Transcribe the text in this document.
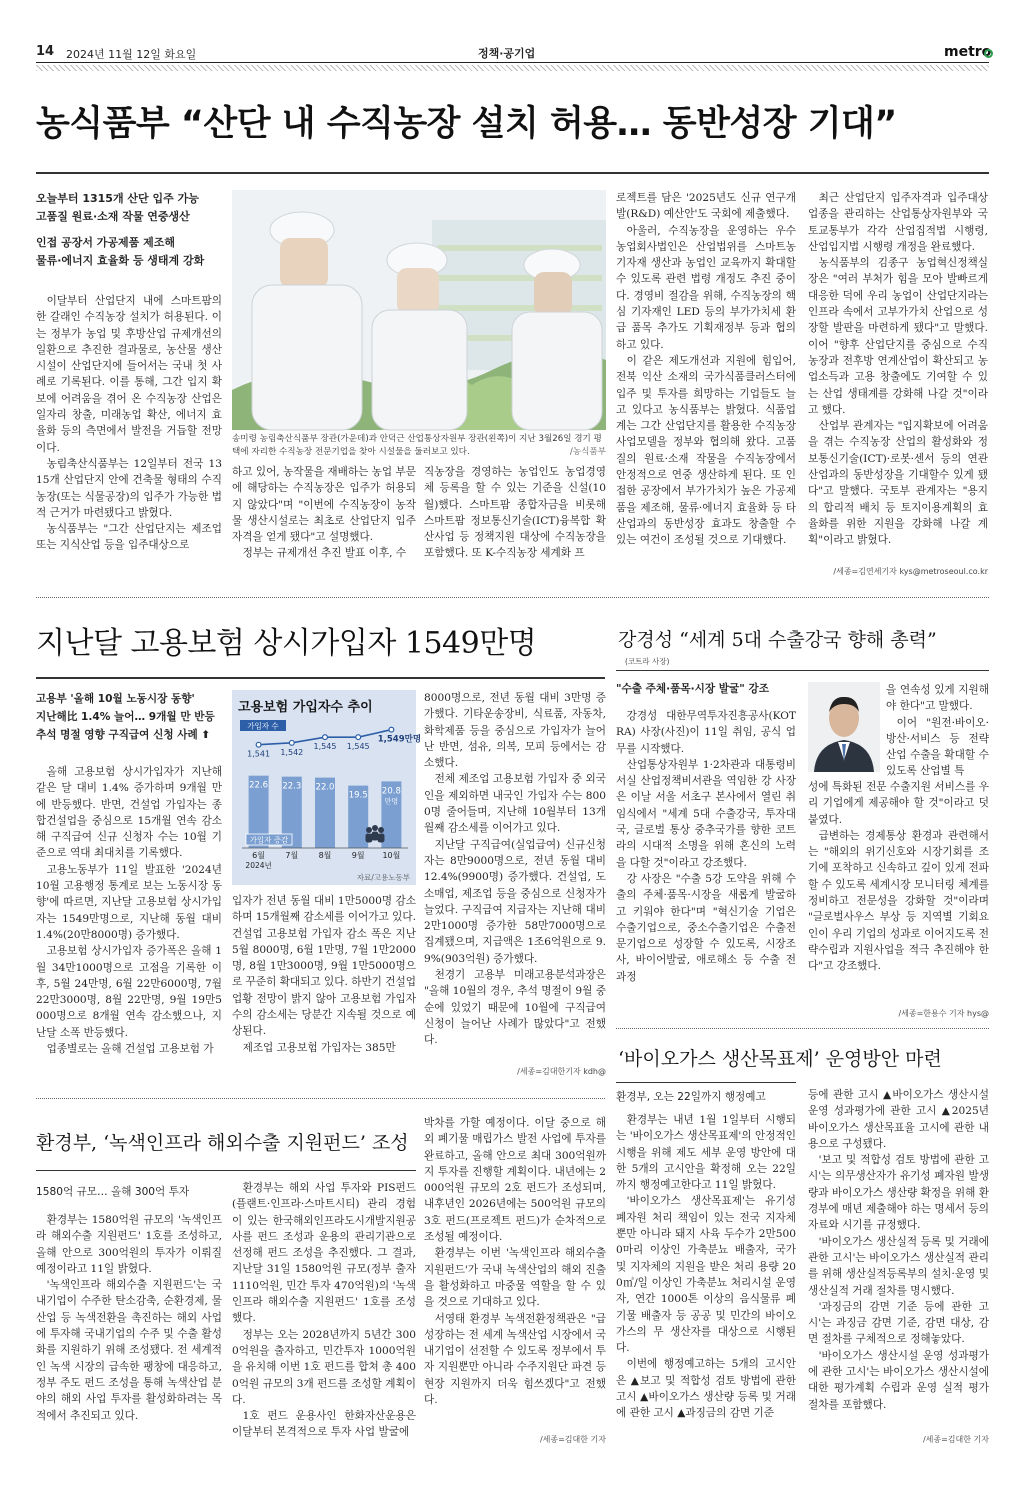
14 2024년 11월 12일 화요일	정책·공기업	metro
농식품부 “산단 내 수직농장 설치 허용… 동반성장 기대”
오늘부터 1315개 산단 입주 가능
고품질 원료·소재 작물 연중생산
인접 공장서 가공제품 제조해
물류·에너지 효율화 등 생태계 강화

이달부터 산업단지 내에 스마트팜의 한 갈래인 수직농장 설치가 허용된다. 이는 정부가 농업 및 후방산업 규제개선의 일환으로 추진한 결과물로, 농산물 생산시설이 산업단지에 들어서는 국내 첫 사례로 기록된다. 이를 통해, 그간 입지 확보에 어려움을 겪어 온 수직농장 산업은 일자리 창출, 미래농업 확산, 에너지 효율화 등의 측면에서 발전을 거듭할 전망이다.

농림축산식품부는 12일부터 전국 1315개 산업단지 안에 건축물 형태의 수직농장(또는 식물공장)의 입주가 가능한 법적 근거가 마련됐다고 밝혔다.

농식품부는 "그간 산업단지는 제조업 또는 지식산업 등을 입주대상으로

송미령 농림축산식품부 장관(가운데)과 안덕근 산업통상자원부 장관(왼쪽)이 지난 3월26일 경기 평택에 자리한 수직농장 전문기업을 찾아 시설물을 둘러보고 있다.	/농식품부

하고 있어, 농작물을 재배하는 농업 부문에 해당하는 수직농장은 입주가 허용되지 않았다"며 "이번에 수직농장이 농작물 생산시설로는 최초로 산업단지 입주자격을 얻게 됐다"고 설명했다.

정부는 규제개선 추진 발표 이후, 수

직농장을 경영하는 농업인도 농업경영체 등록을 할 수 있는 기준을 신설(10월)했다. 스마트팜 종합자금을 비롯해 스마트팜 정보통신기술(ICT)융복합 확산사업 등 정책지원 대상에 수직농장을 포함했다. 또 K-수직농장 세계화 프

로젝트를 담은 '2025년도 신규 연구개발(R&D) 예산안'도 국회에 제출했다.

아울러, 수직농장을 운영하는 우수 농업회사법인은 산업법위를 스마트농기자재 생산과 농업인 교육까지 확대할 수 있도록 관련 법령 개정도 추진 중이다. 경영비 절감을 위해, 수직농장의 핵심 기자재인 LED 등의 부가가치세 환급 품목 추가도 기획재정부 등과 협의하고 있다.

이 같은 제도개선과 지원에 힘입어, 전북 익산 소재의 국가식품클러스터에 입주 및 투자를 희망하는 기업들도 늘고 있다고 농식품부는 밝혔다. 식품업계는 그간 산업단지를 활용한 수직농장 사업모델을 정부와 협의해 왔다. 고품질의 원료·소재 작물을 수직농장에서 안정적으로 연중 생산하게 된다. 또 인접한 공장에서 부가가치가 높은 가공제품을 제조해, 물류·에너지 효율화 등 타 산업과의 동반성장 효과도 창출할 수 있는 여건이 조성될 것으로 기대했다.

최근 산업단지 입주자격과 입주대상 업종을 관리하는 산업통상자원부와 국토교통부가 각각 산업집적법 시행령, 산업입지법 시행령 개정을 완료했다.

농식품부의 김종구 농업혁신정책실장은 "여러 부처가 힘을 모아 발빠르게 대응한 덕에 우리 농업이 산업단지라는 인프라 속에서 고부가가치 산업으로 성장할 발판을 마련하게 됐다"고 말했다. 이어 "향후 산업단지를 중심으로 수직농장과 전후방 연계산업이 확산되고 농업소득과 고용 창출에도 기여할 수 있는 산업 생태계를 강화해 나갈 것"이라고 했다.

산업부 관계자는 "입지확보에 어려움을 겪는 수직농장 산업의 활성화와 정보통신기술(ICT)·로봇·센서 등의 연관 산업과의 동반성장을 기대할수 있게 됐다"고 말했다. 국토부 관계자는 "용지의 합리적 배치 등 토지이용계획의 효율화를 위한 지원을 강화해 나갈 계획"이라고 밝혔다.

/세종=김연세기자 kys@metroseoul.co.kr
지난달 고용보험 상시가입자 1549만명
고용부 '올해 10월 노동시장 동향'
지난해比 1.4% 늘어… 9개월 만 반등
추석 명절 영향 구직급여 신청 사례 ⬆

올해 고용보험 상시가입자가 지난해 같은 달 대비 1.4% 증가하며 9개월 만에 반등했다. 반면, 건설업 가입자는 종합건설업을 중심으로 15개월 연속 감소해 구직급여 신규 신청자 수는 10월 기준으로 역대 최대치를 기록했다.

고용노동부가 11일 발표한 '2024년 10월 고용행정 통계로 보는 노동시장 동향'에 따르면, 지난달 고용보험 상시가입자는 1549만명으로, 지난해 동월 대비 1.4%(20만8000명) 증가했다.

고용보험 상시가입자 증가폭은 올해 1월 34만1000명으로 고점을 기록한 이후, 5월 24만명, 6월 22만6000명, 7월 22만3000명, 8월 22만명, 9월 19만5000명으로 8개월 연속 감소했으나, 지난달 소폭 반등했다.

업종별로는 올해 건설업 고용보험 가

고용보험 가입자수 추이
22.6 22.3 22.0
19.5 20.8
만명
가입자 증감
1,541 1,542
1,545 1,545
1,549만명
가입자 수
6월	7월	8월	9월 10월
2024년
자료/고용노동부

입자가 전년 동월 대비 1만5000명 감소하며 15개월째 감소세를 이어가고 있다. 건설업 고용보험 가입자 감소 폭은 지난 5월 8000명, 6월 1만명, 7월 1만2000명, 8월 1만3000명, 9월 1만5000명으로 꾸준히 확대되고 있다. 하반기 건설업 업황 전망이 밝지 않아 고용보험 가입자 수의 감소세는 당분간 지속될 것으로 예상된다.

제조업 고용보험 가입자는 385만

8000명으로, 전년 동월 대비 3만명 증가했다. 기타운송장비, 식료품, 자동차, 화학제품 등을 중심으로 가입자가 늘어난 반면, 섬유, 의복, 모피 등에서는 감소했다.

전체 제조업 고용보험 가입자 중 외국인을 제외하면 내국인 가입자 수는 8000명 줄어들며, 지난해 10월부터 13개월째 감소세를 이어가고 있다.

지난달 구직급여(실업급여) 신규신청자는 8만9000명으로, 전년 동월 대비 12.4%(9900명) 증가했다. 건설업, 도소매업, 제조업 등을 중심으로 신청자가 늘었다. 구직급여 지급자는 지난해 대비 2만1000명 증가한 58만7000명으로 집계됐으며, 지급액은 1조6억원으로 9.9%(903억원) 증가했다.

천경기 고용부 미래고용분석과장은 "올해 10월의 경우, 추석 명절이 9월 중순에 있었기 때문에 10월에 구직급여 신청이 늘어난 사례가 많았다"고 전했다.

/세종=김대한기자 kdh@
강경성 “세계 5대 수출강국 향해 총력”
(코트라 사장)
"수출 주체·품목·시장 발굴" 강조

강경성 대한무역투자진흥공사(KOTRA) 사장(사진)이 11일 취임, 공식 업무를 시작했다.

산업통상자원부 1·2차관과 대통령비서실 산업정책비서관을 역임한 강 사장은 이날 서울 서초구 본사에서 열린 취임식에서 "세계 5대 수출강국, 투자대국, 글로벌 통상 중추국가를 향한 코트라의 시대적 소명을 위해 혼신의 노력을 다할 것"이라고 강조했다.

강 사장은 "수출 5강 도약을 위해 수출의 주체·품목·시장을 새롭게 발굴하고 키워야 한다"며 "혁신기술 기업은 수출기업으로, 중소수출기업은 수출전문기업으로 성장할 수 있도록, 시장조사, 바이어발굴, 애로해소 등 수출 전 과정

을 연속성 있게 지원해야 한다"고 말했다.

이어 "원전·바이오·방산·서비스 등 전략 산업 수출을 확대할 수 있도록 산업별 특

성에 특화된 전문 수출지원 서비스를 우리 기업에게 제공해야 할 것"이라고 덧붙였다.

급변하는 경제통상 환경과 관련해서는 "해외의 위기신호와 시장기회를 조기에 포착하고 신속하고 깊이 있게 전파할 수 있도록 세계시장 모니터링 체계를 정비하고 전문성을 강화할 것"이라며 "글로벌사우스 부상 등 지역별 기회요인이 우리 기업의 성과로 이어지도록 전략수립과 지원사업을 적극 추진해야 한다"고 강조했다.

/세종=한용수 기자 hys@
‘바이오가스 생산목표제’ 운영방안 마련
환경부, 오는 22일까지 행정예고

환경부는 내년 1월 1일부터 시행되는 '바이오가스 생산목표제'의 안정적인 시행을 위해 제도 세부 운영 방안에 대한 5개의 고시안을 확정해 오는 22일까지 행정예고한다고 11일 밝혔다.

'바이오가스 생산목표제'는 유기성 폐자원 처리 책임이 있는 전국 지자체뿐만 아니라 돼지 사육 두수가 2만5000마리 이상인 가축분뇨 배출자, 국가 및 지자체의 지원을 받은 처리 용량 200㎥/일 이상인 가축분뇨 처리시설 운영자, 연간 1000톤 이상의 음식물류 폐기물 배출자 등 공공 및 민간의 바이오가스의 무 생산자를 대상으로 시행된다.

이번에 행정예고하는 5개의 고시안은 ▲보고 및 적합성 검토 방법에 관한 고시 ▲바이오가스 생산량 등록 및 거래에 관한 고시 ▲과징금의 감면 기준

등에 관한 고시 ▲바이오가스 생산시설 운영 성과평가에 관한 고시 ▲2025년 바이오가스 생산목표율 고시에 관한 내용으로 구성됐다.

'보고 및 적합성 검토 방법에 관한 고시'는 의무생산자가 유기성 폐자원 발생량과 바이오가스 생산량 확정을 위해 환경부에 매년 제출해야 하는 명세서 등의 자료와 시기를 규정했다.

'바이오가스 생산실적 등록 및 거래에 관한 고시'는 바이오가스 생산실적 관리를 위해 생산실적등록부의 설치·운영 및 생산실적 거래 절차를 명시했다.

'과징금의 감면 기준 등에 관한 고시'는 과징금 감면 기준, 감면 대상, 감면 절차를 구체적으로 정해놓았다.

'바이오가스 생산시설 운영 성과평가에 관한 고시'는 바이오가스 생산시설에 대한 평가계획 수립과 운영 실적 평가 절차를 포함했다.

/세종=김대한 기자
환경부, ‘녹색인프라 해외수출 지원펀드’ 조성
1580억 규모… 올해 300억 투자

환경부는 1580억원 규모의 '녹색인프라 해외수출 지원펀드' 1호를 조성하고, 올해 안으로 300억원의 투자가 이뤄질 예정이라고 11일 밝혔다.

'녹색인프라 해외수출 지원펀드'는 국내기업이 수주한 탄소감축, 순환경제, 물산업 등 녹색전환을 촉진하는 해외 사업에 투자해 국내기업의 수주 및 수출 활성화를 지원하기 위해 조성됐다. 전 세계적인 녹색 시장의 급속한 팽창에 대응하고, 정부 주도 펀드 조성을 통해 녹색산업 분야의 해외 사업 투자를 활성화하려는 목적에서 추진되고 있다.

환경부는 해외 사업 투자와 PIS펀드(플랜트·인프라·스마트시티) 관리 경험이 있는 한국해외인프라도시개발지원공사를 펀드 조성과 운용의 관리기관으로 선정해 펀드 조성을 추진했다. 그 결과, 지난달 31일 1580억원 규모(정부 출자 1110억원, 민간 투자 470억원)의 '녹색인프라 해외수출 지원펀드' 1호를 조성했다.

정부는 오는 2028년까지 5년간 3000억원을 출자하고, 민간투자 1000억원을 유치해 이번 1호 펀드를 합쳐 총 4000억원 규모의 3개 펀드를 조성할 계획이다.

1호 펀드 운용사인 한화자산운용은 이달부터 본격적으로 투자 사업 발굴에

박차를 가할 예정이다. 이달 중으로 해외 폐기물 매립가스 발전 사업에 투자를 완료하고, 올해 안으로 최대 300억원까지 투자를 진행할 계획이다. 내년에는 2000억원 규모의 2호 펀드가 조성되며, 내후년인 2026년에는 500억원 규모의 3호 펀드(프로젝트 펀드)가 순차적으로 조성될 예정이다.

환경부는 이번 '녹색인프라 해외수출 지원펀드'가 국내 녹색산업의 해외 진출을 활성화하고 마중물 역할을 할 수 있을 것으로 기대하고 있다.

서영태 환경부 녹색전환정책관은 "급성장하는 전 세계 녹색산업 시장에서 국내기업이 선전할 수 있도록 정부에서 투자 지원뿐만 아니라 수주지원단 파견 등 현장 지원까지 더욱 힘쓰겠다"고 전했다.

/세종=김대한 기자
